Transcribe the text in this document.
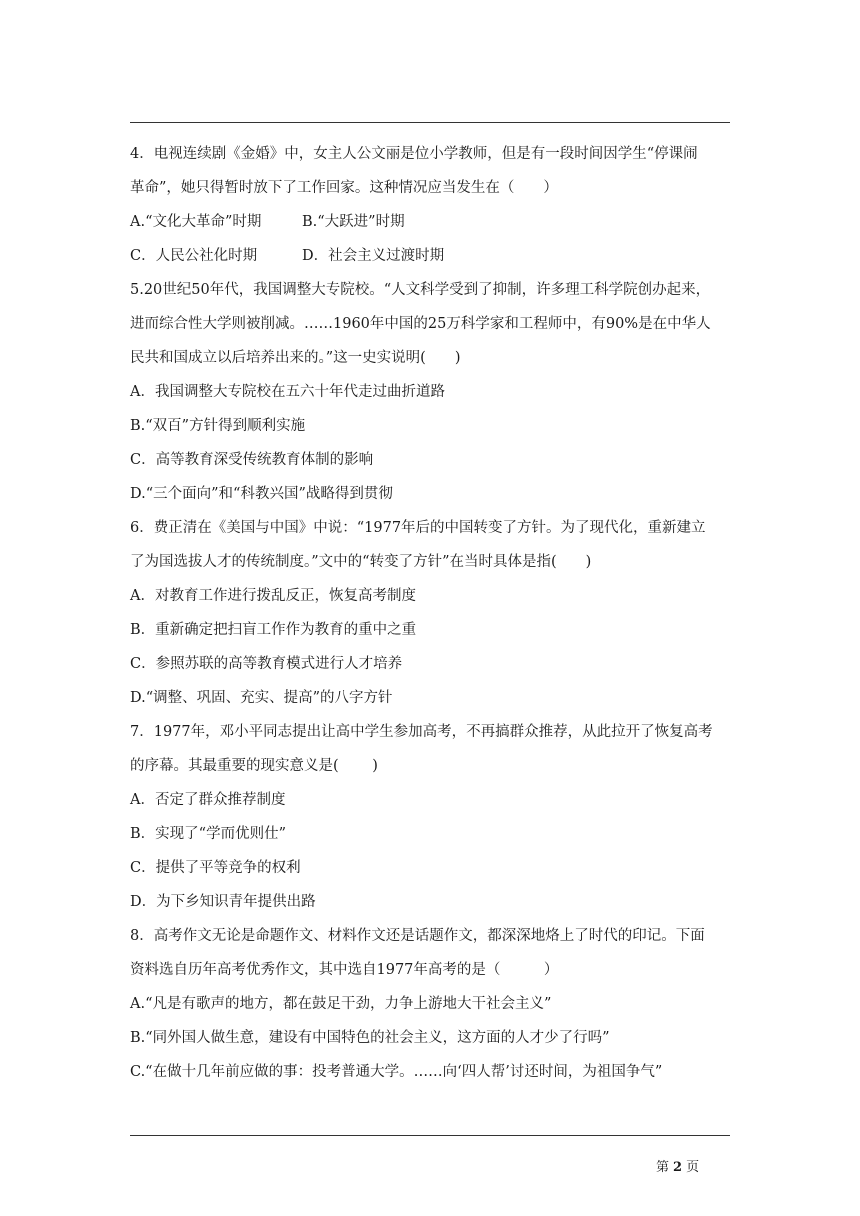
4．电视连续剧《金婚》中，女主人公文丽是位小学教师，但是有一段时间因学生“停课闹
革命”，她只得暂时放下了工作回家。这种情况应当发生在（　　）
A.“文化大革命”时期	B.“大跃进”时期
C．人民公社化时期	D．社会主义过渡时期
5.20世纪50年代，我国调整大专院校。“人文科学受到了抑制，许多理工科学院创办起来，
进而综合性大学则被削减。……1960年中国的25万科学家和工程师中，有90%是在中华人
民共和国成立以后培养出来的。”这一史实说明(　　)
A．我国调整大专院校在五六十年代走过曲折道路
B.“双百”方针得到顺利实施
C．高等教育深受传统教育体制的影响
D.“三个面向”和“科教兴国”战略得到贯彻
6．费正清在《美国与中国》中说：“1977年后的中国转变了方针。为了现代化，重新建立
了为国选拔人才的传统制度。”文中的“转变了方针”在当时具体是指(　　)
A．对教育工作进行拨乱反正，恢复高考制度
B．重新确定把扫盲工作作为教育的重中之重
C．参照苏联的高等教育模式进行人才培养
D.“调整、巩固、充实、提高”的八字方针
7．1977年，邓小平同志提出让高中学生参加高考，不再搞群众推荐，从此拉开了恢复高考
的序幕。其最重要的现实意义是(　　 )
A．否定了群众推荐制度
B．实现了“学而优则仕”
C．提供了平等竞争的权利
D．为下乡知识青年提供出路
8．高考作文无论是命题作文、材料作文还是话题作文，都深深地烙上了时代的印记。下面
资料选自历年高考优秀作文，其中选自1977年高考的是（　　　）
A.“凡是有歌声的地方，都在鼓足干劲，力争上游地大干社会主义”
B.“同外国人做生意，建设有中国特色的社会主义，这方面的人才少了行吗”
C.“在做十几年前应做的事：投考普通大学。……向‘四人帮’讨还时间，为祖国争气”
第 2 页
